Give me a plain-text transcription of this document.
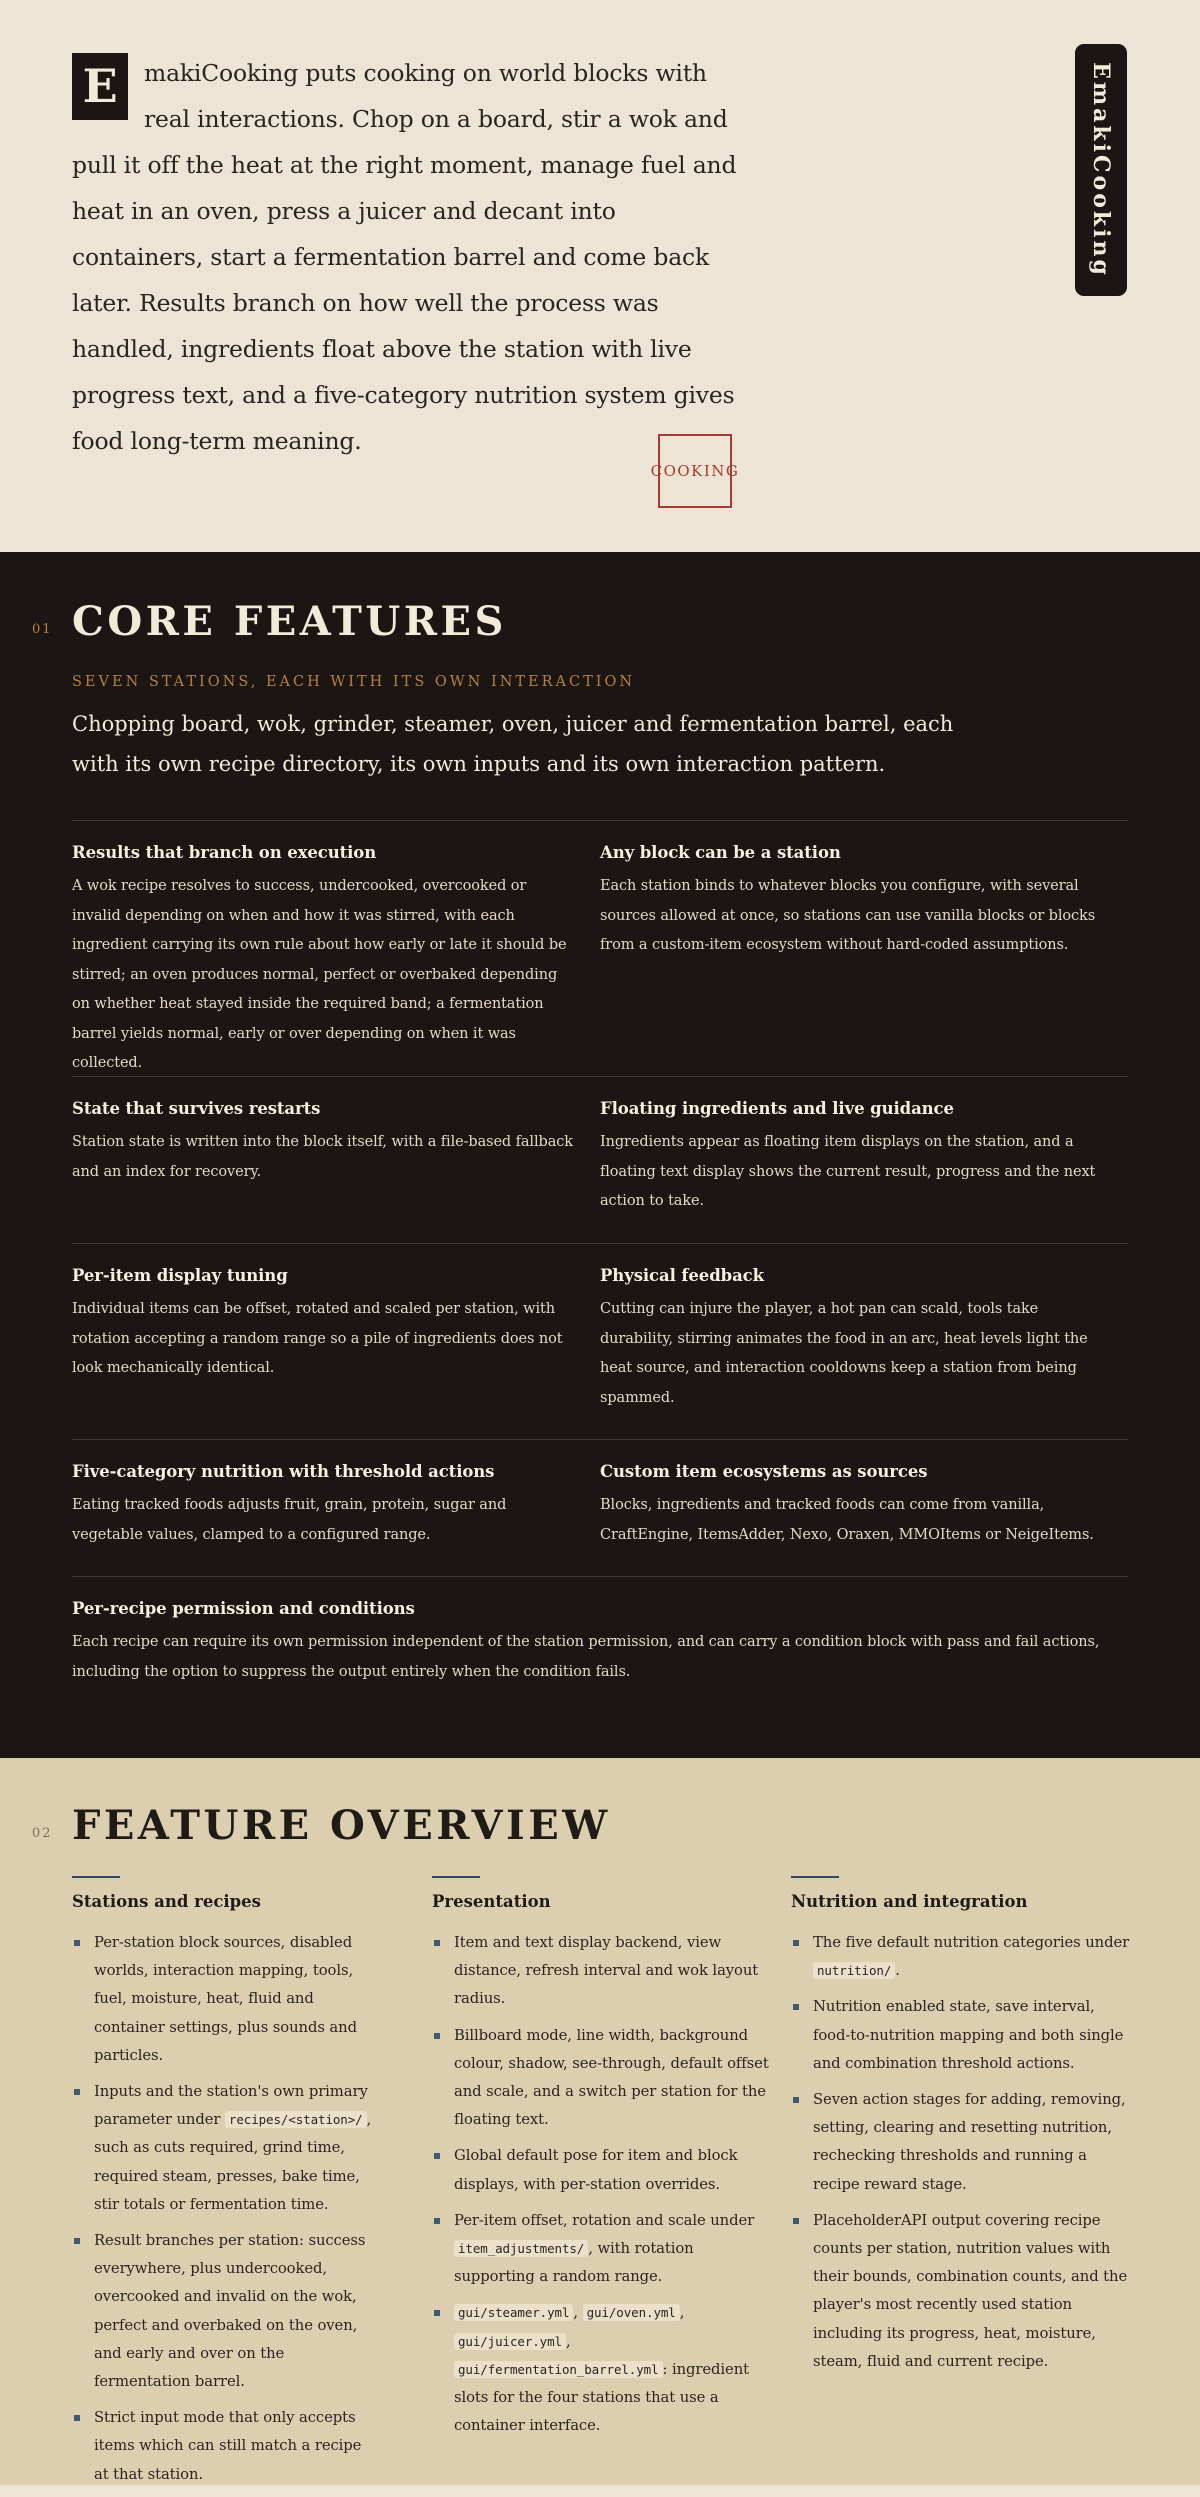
E	makiCooking puts cooking on world blocks with real interactions. Chop on a board, stir a wok and pull it off the heat at the right moment, manage fuel and heat in an oven, press a juicer and decant into containers, start a fermentation barrel and come back later. Results branch on how well the process was handled, ingredients float above the station with live progress text, and a five-category nutrition system gives food long-term meaning.

EmakiCooking
COOKING
01 CORE FEATURES
SEVEN STATIONS, EACH WITH ITS OWN INTERACTION

Chopping board, wok, grinder, steamer, oven, juicer and fermentation barrel, each with its own recipe directory, its own inputs and its own interaction pattern.

Results that branch on execution

A wok recipe resolves to success, undercooked, overcooked or invalid depending on when and how it was stirred, with each ingredient carrying its own rule about how early or late it should be stirred; an oven produces normal, perfect or overbaked depending on whether heat stayed inside the required band; a fermentation barrel yields normal, early or over depending on when it was collected.

Any block can be a station

Each station binds to whatever blocks you configure, with several sources allowed at once, so stations can use vanilla blocks or blocks from a custom-item ecosystem without hard-coded assumptions.

State that survives restarts

Station state is written into the block itself, with a file-based fallback and an index for recovery.

Floating ingredients and live guidance

Ingredients appear as floating item displays on the station, and a floating text display shows the current result, progress and the next action to take.

Per-item display tuning

Individual items can be offset, rotated and scaled per station, with rotation accepting a random range so a pile of ingredients does not look mechanically identical.

Physical feedback

Cutting can injure the player, a hot pan can scald, tools take durability, stirring animates the food in an arc, heat levels light the heat source, and interaction cooldowns keep a station from being spammed.

Five-category nutrition with threshold actions

Eating tracked foods adjusts fruit, grain, protein, sugar and vegetable values, clamped to a configured range.

Custom item ecosystems as sources

Blocks, ingredients and tracked foods can come from vanilla, CraftEngine, ItemsAdder, Nexo, Oraxen, MMOItems or NeigeItems.

Per-recipe permission and conditions

Each recipe can require its own permission independent of the station permission, and can carry a condition block with pass and fail actions, including the option to suppress the output entirely when the condition fails.

02 FEATURE OVERVIEW
Stations and recipes
Per-station block sources, disabled worlds, interaction mapping, tools, fuel, moisture, heat, fluid and container settings, plus sounds and particles.
Inputs and the station's own primary parameter under recipes/<station>/ , such as cuts required, grind time, required steam, presses, bake time, stir totals or fermentation time.
Result branches per station: success everywhere, plus undercooked, overcooked and invalid on the wok, perfect and overbaked on the oven, and early and over on the fermentation barrel.
Strict input mode that only accepts items which can still match a recipe at that station.
Presentation
Item and text display backend, view distance, refresh interval and wok layout radius.
Billboard mode, line width, background colour, shadow, see-through, default offset and scale, and a switch per station for the floating text.
Global default pose for item and block displays, with per-station overrides.
Per-item offset, rotation and scale under item_adjustments/ , with rotation supporting a random range.
gui/steamer.yml , gui/oven.yml , gui/juicer.yml , gui/fermentation_barrel.yml : ingredient slots for the four stations that use a container interface.
Nutrition and integration
The five default nutrition categories under nutrition/ .
Nutrition enabled state, save interval, food-to-nutrition mapping and both single and combination threshold actions.
Seven action stages for adding, removing, setting, clearing and resetting nutrition, rechecking thresholds and running a recipe reward stage.
PlaceholderAPI output covering recipe counts per station, nutrition values with their bounds, combination counts, and the player's most recently used station including its progress, heat, moisture, steam, fluid and current recipe.
